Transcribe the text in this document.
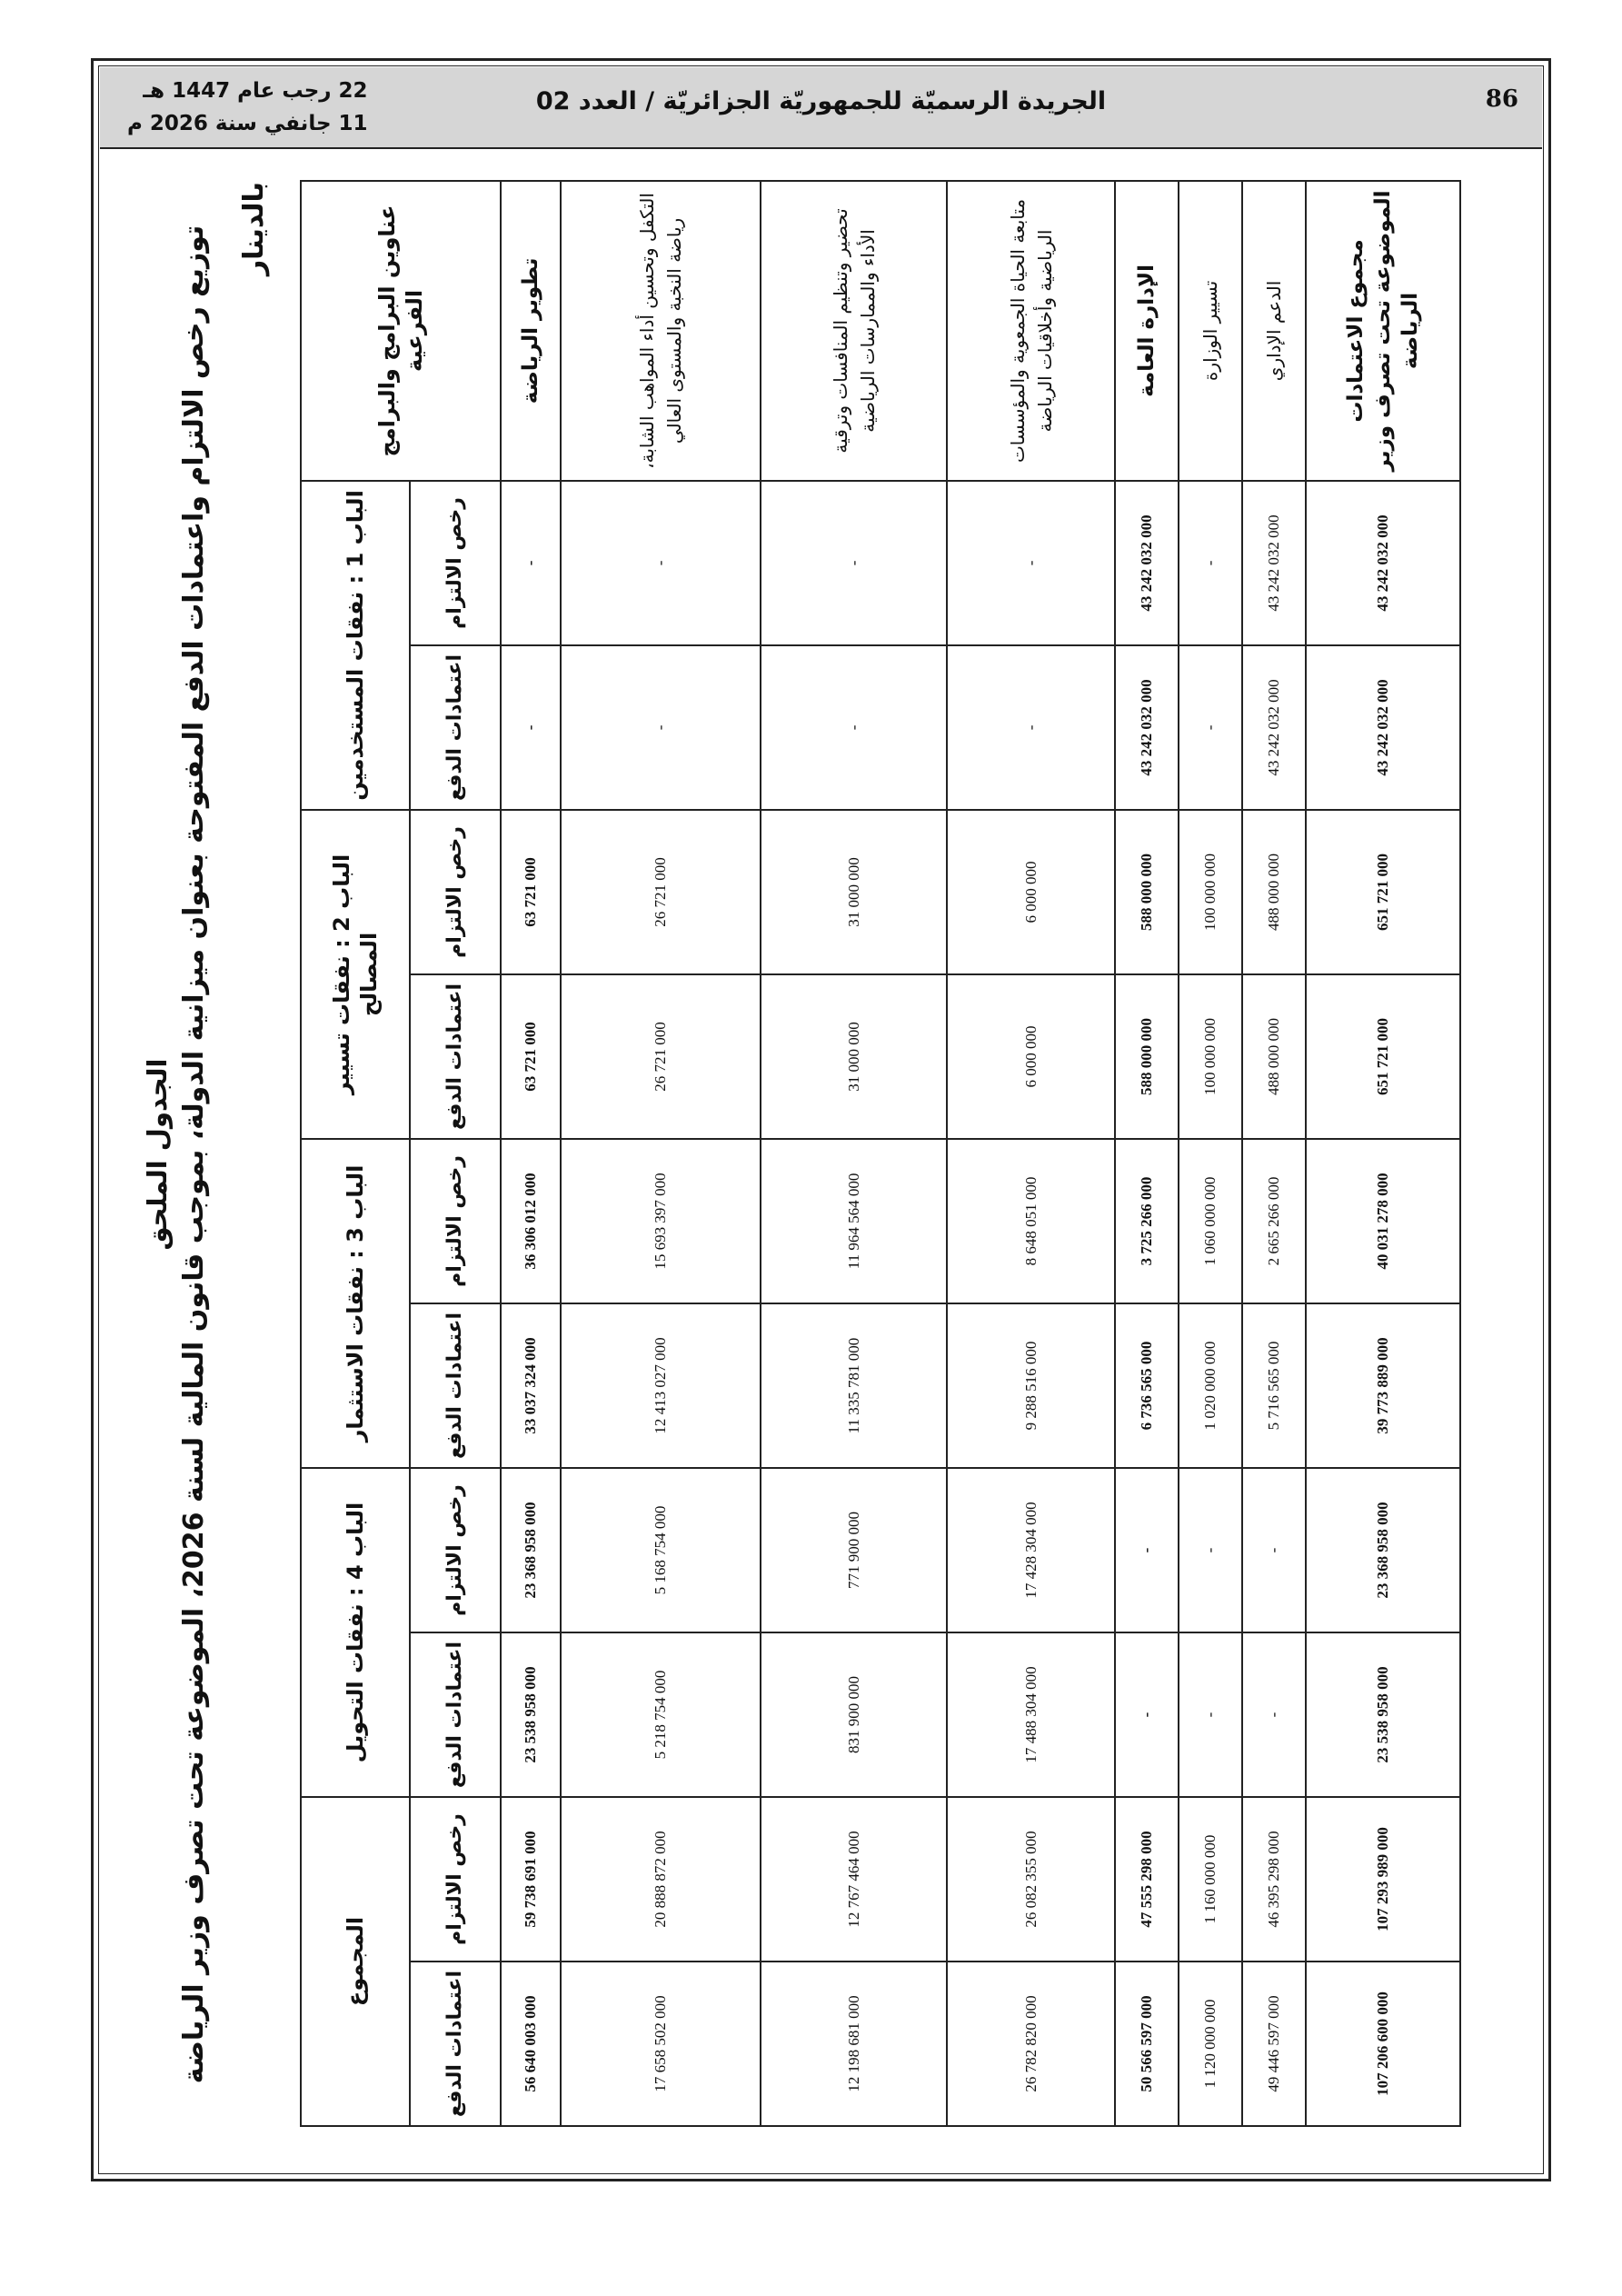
86
الجريدة الرسميّة للجمهوريّة الجزائريّة / العدد 02
22 رجب عام 1447 هـ
11 جانفي سنة 2026 م
الجدول الملحق
توزيع رخص الالتزام واعتمادات الدفع المفتوحة بعنوان ميزانية الدولة، بموجب قانون المالية لسنة 2026، الموضوعة تحت تصرف وزير الرياضة بالدينار	عناوين البرامج والبرامج الفرعية	الباب 1 : نفقات المستخدمين		الباب 2 : نفقات تسيير المصالح		الباب 3 : نفقات الاستثمار		الباب 4 : نفقات التحويل		المجموع	
	رخص الالتزام	اعتمادات الدفع	رخص الالتزام	اعتمادات الدفع	رخص الالتزام	اعتمادات الدفع	رخص الالتزام	اعتمادات الدفع	رخص الالتزام	اعتمادات الدفع
تطوير الرياضة	-	-	63 721 000	63 721 000	36 306 012 000	33 037 324 000	23 368 958 000	23 538 958 000	59 738 691 000	56 640 003 000
التكفل وتحسين أداء المواهب الشابة، رياضة النخبة والمستوى العالي	-	-	26 721 000	26 721 000	15 693 397 000	12 413 027 000	5 168 754 000	5 218 754 000	20 888 872 000	17 658 502 000
تحضير وتنظيم المنافسات وترقية الأداء والممارسات الرياضية	-	-	31 000 000	31 000 000	11 964 564 000	11 335 781 000	771 900 000	831 900 000	12 767 464 000	12 198 681 000
متابعة الحياة الجمعوية والمؤسسات الرياضية وأخلاقيات الرياضة	-	-	6 000 000	6 000 000	8 648 051 000	9 288 516 000	17 428 304 000	17 488 304 000	26 082 355 000	26 782 820 000
الإدارة العامة	43 242 032 000	43 242 032 000	588 000 000	588 000 000	3 725 266 000	6 736 565 000	-	-	47 555 298 000	50 566 597 000
تسيير الوزارة	-	-	100 000 000	100 000 000	1 060 000 000	1 020 000 000	-	-	1 160 000 000	1 120 000 000
الدعم الإداري	43 242 032 000	43 242 032 000	488 000 000	488 000 000	2 665 266 000	5 716 565 000	-	-	46 395 298 000	49 446 597 000
مجموع الاعتمادات الموضوعة تحت تصرف وزير الرياضة	43 242 032 000	43 242 032 000	651 721 000	651 721 000	40 031 278 000	39 773 889 000	23 368 958 000	23 538 958 000	107 293 989 000	107 206 600 000
